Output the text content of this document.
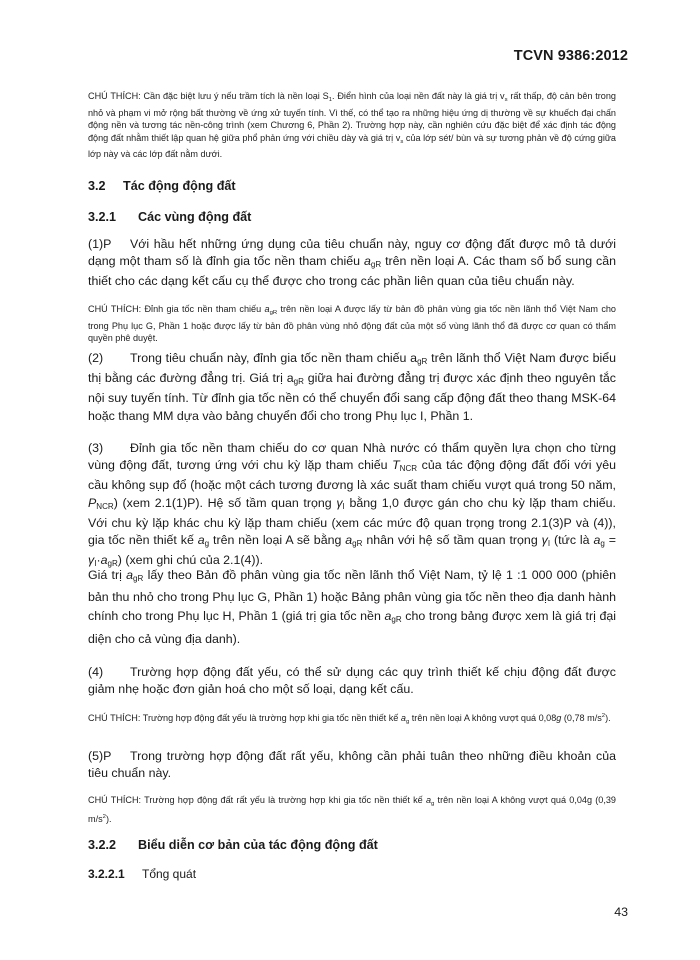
TCVN 9386:2012
CHÚ THÍCH: Cần đặc biệt lưu ý nếu trầm tích là nền loại $S_1$. Điển hình của loại nền đất này là giá trị $v_s$ rất thấp, độ cản bên trong nhỏ và phạm vi mở rộng bất thường về ứng xử tuyến tính. Vì thế, có thể tạo ra những hiệu ứng dị thường về sự khuếch đại chấn động nền và tương tác nền-công trình (xem Chương 6, Phần 2). Trường hợp này, cần nghiên cứu đặc biệt để xác định tác động động đất nhằm thiết lập quan hệ giữa phổ phản ứng với chiều dày và giá trị $v_s$ của lớp sét/ bùn và sự tương phản về độ cứng giữa lớp này và các lớp đất nằm dưới.
3.2 Tác động động đất
3.2.1 Các vùng động đất
(1)P Với hầu hết những ứng dụng của tiêu chuẩn này, nguy cơ động đất được mô tả dưới dạng một tham số là đỉnh gia tốc nền tham chiếu $a_{gR}$ trên nền loại A. Các tham số bổ sung cần thiết cho các dạng kết cấu cụ thể được cho trong các phần liên quan của tiêu chuẩn này.
CHÚ THÍCH: Đỉnh gia tốc nền tham chiếu $a_{gR}$ trên nền loại A được lấy từ bản đồ phân vùng gia tốc nền lãnh thổ Việt Nam cho trong Phụ lục G, Phần 1 hoặc được lấy từ bản đồ phân vùng nhỏ động đất của một số vùng lãnh thổ đã được cơ quan có thẩm quyền phê duyệt.
(2) Trong tiêu chuẩn này, đỉnh gia tốc nền tham chiếu $a_{gR}$ trên lãnh thổ Việt Nam được biểu thị bằng các đường đẳng trị. Giá trị $a_{gR}$ giữa hai đường đẳng trị được xác định theo nguyên tắc nội suy tuyến tính. Từ đỉnh gia tốc nền có thể chuyển đổi sang cấp động đất theo thang MSK-64 hoặc thang MM dựa vào bảng chuyển đổi cho trong Phụ lục I, Phần 1.
(3) Đỉnh gia tốc nền tham chiếu do cơ quan Nhà nước có thẩm quyền lựa chọn cho từng vùng động đất, tương ứng với chu kỳ lặp tham chiếu $T_{NCR}$ của tác động động đất đối với yêu cầu không sụp đổ (hoặc một cách tương đương là xác suất tham chiếu vượt quá trong 50 năm, $P_{NCR}$) (xem 2.1(1)P). Hệ số tầm quan trọng $\gamma_I$ bằng 1,0 được gán cho chu kỳ lặp tham chiếu. Với chu kỳ lặp khác chu kỳ lặp tham chiếu (xem các mức độ quan trọng trong 2.1(3)P và (4)), gia tốc nền thiết kế $a_g$ trên nền loại A sẽ bằng $a_{gR}$ nhân với hệ số tầm quan trọng $\gamma_I$ (tức là $a_g = \gamma_I\cdot a_{gR}$) (xem ghi chú của 2.1(4)).
Giá trị $a_{gR}$ lấy theo Bản đồ phân vùng gia tốc nền lãnh thổ Việt Nam, tỷ lệ 1 :1 000 000 (phiên bản thu nhỏ cho trong Phụ lục G, Phần 1) hoặc Bảng phân vùng gia tốc nền theo địa danh hành chính cho trong Phụ lục H, Phần 1 (giá trị gia tốc nền $a_{gR}$ cho trong bảng được xem là giá trị đại diện cho cả vùng địa danh).
(4) Trường hợp động đất yếu, có thể sử dụng các quy trình thiết kế chịu động đất được giảm nhẹ hoặc đơn giản hoá cho một số loại, dạng kết cấu.
CHÚ THÍCH: Trường hợp động đất yếu là trường hợp khi gia tốc nền thiết kế $a_g$ trên nền loại A không vượt quá 0,08g (0,78 $m/s^2$).
(5)P Trong trường hợp động đất rất yếu, không cần phải tuân theo những điều khoản của tiêu chuẩn này.
CHÚ THÍCH: Trường hợp động đất rất yếu là trường hợp khi gia tốc nền thiết kế $a_g$ trên nền loại A không vượt quá 0,04g (0,39 $m/s^2$).
3.2.2 Biểu diễn cơ bản của tác động động đất
3.2.2.1 Tổng quát
43
